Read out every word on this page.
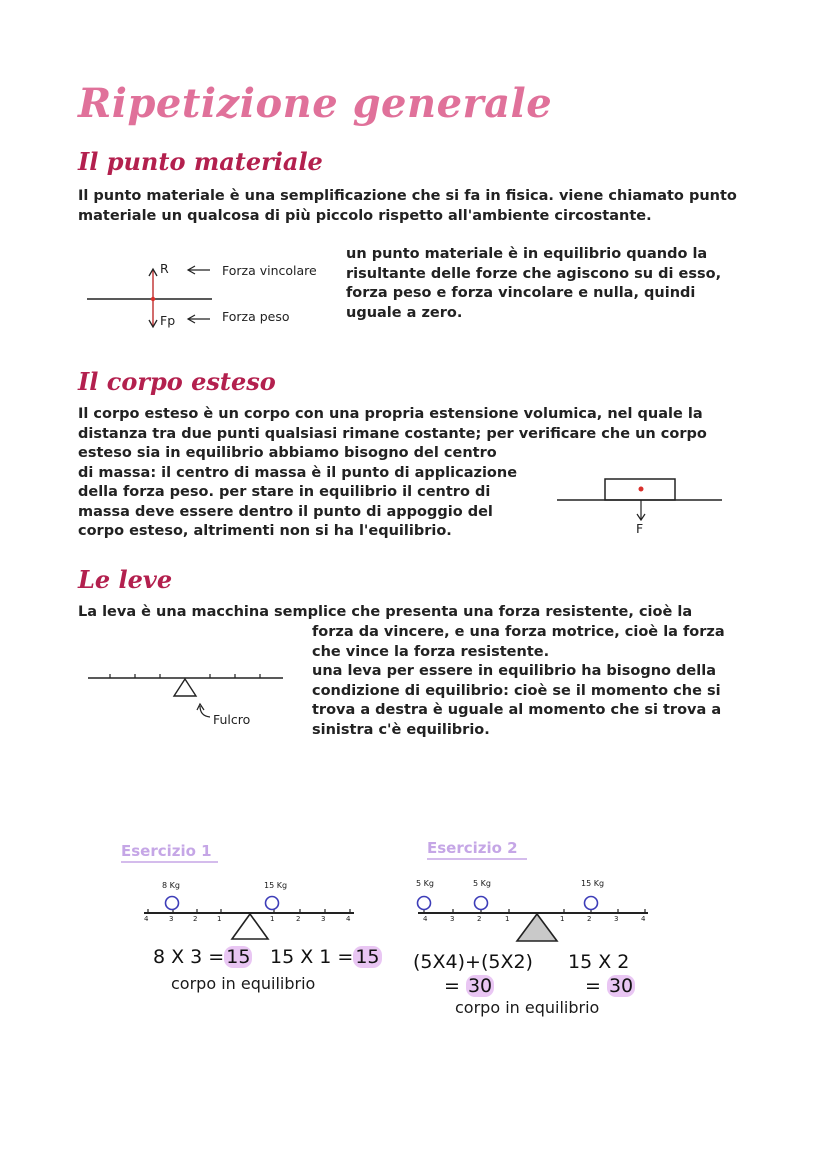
Ripetizione generale
Il punto materiale
Il punto materiale è una semplificazione che si fa in fisica. viene chiamato punto
materiale un qualcosa di più piccolo rispetto all'ambiente circostante.
R
Fp
Forza vincolare
Forza peso
un punto materiale è in equilibrio quando la
risultante delle forze che agiscono su di esso,
forza peso e forza vincolare e nulla, quindi
uguale a zero.
Il corpo esteso
Il corpo esteso è un corpo con una propria estensione volumica, nel quale la
distanza tra due punti qualsiasi rimane costante; per verificare che un corpo
esteso sia in equilibrio abbiamo bisogno del centro
di massa: il centro di massa è il punto di applicazione
della forza peso. per stare in equilibrio il centro di
massa deve essere dentro il punto di appoggio del
corpo esteso, altrimenti non si ha l'equilibrio.	F
Le leve
La leva è una macchina semplice che presenta una forza resistente, cioè la
forza da vincere, e una forza motrice, cioè la forza
che vince la forza resistente.
una leva per essere in equilibrio ha bisogno della
condizione di equilibrio: cioè se il momento che si
trova a destra è uguale al momento che si trova a
sinistra c'è equilibrio.
Fulcro
Esercizio 1
8 Kg	15 Kg
4	3	2	1	1	2	3	4
8 X 3 = 15 15 X 1 = 15
corpo in equilibrio
Esercizio 2
5 Kg	5 Kg	15 Kg
4	3	2	1	1	2	3	4
(5X4)+(5X2) 15 X 2
= 30	= 30
corpo in equilibrio
